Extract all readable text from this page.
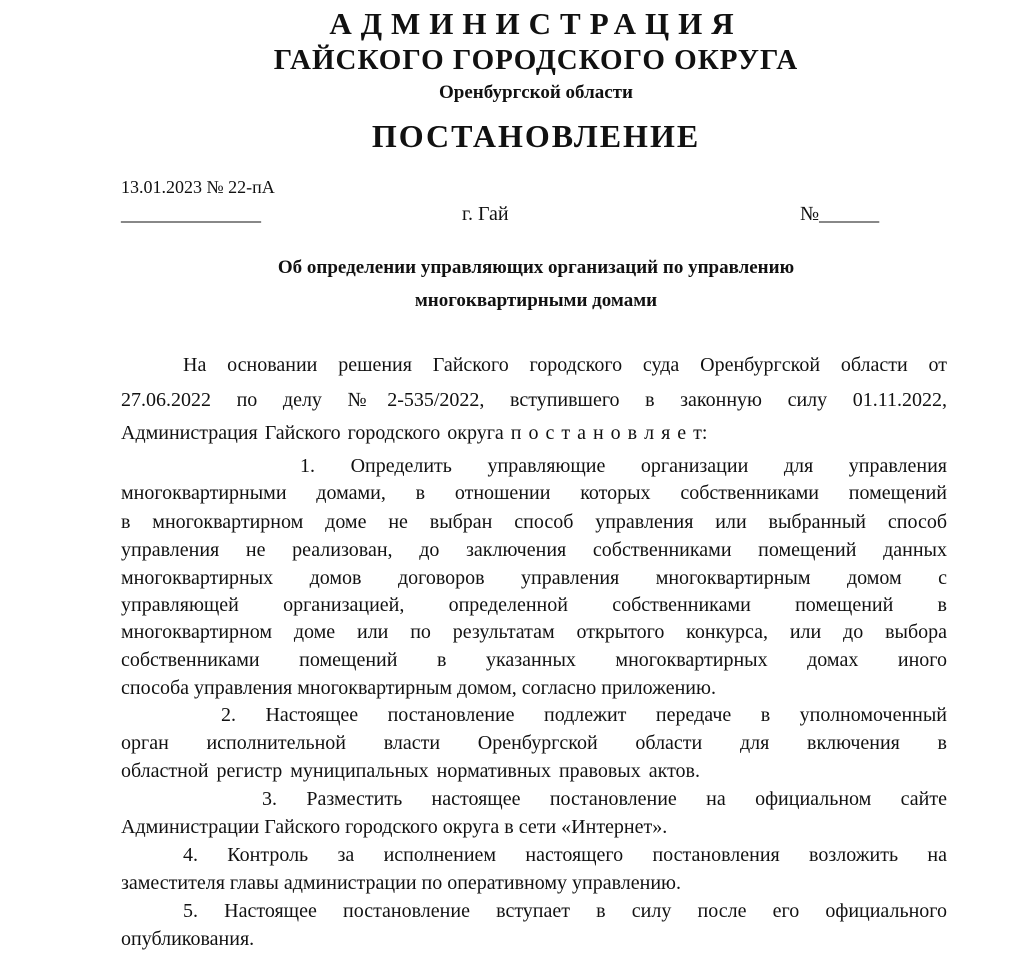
АДМИНИСТРАЦИЯ
ГАЙСКОГО ГОРОДСКОГО ОКРУГА
Оренбургской области
ПОСТАНОВЛЕНИЕ
13.01.2023 № 22-пА
______________	г. Гай	№______
Об определении управляющих организаций по управлению
многоквартирными домами
На основании решения Гайского городского суда Оренбургской области от
27.06.2022 по делу №2-535/2022, вступившего в законную силу 01.11.2022,
Администрация Гайского городского округа п о с т а н о в л я е т:
1. Определить управляющие организации для управления
многоквартирными домами, в отношении которых собственниками помещений
в многоквартирном доме не выбран способ управления или выбранный способ
управления не реализован, до заключения собственниками помещений данных
многоквартирных домов договоров управления многоквартирным домом с
управляющей организацией, определенной собственниками помещений в
многоквартирном доме или по результатам открытого конкурса, или до выбора
собственниками помещений в указанных многоквартирных домах иного
способа управления многоквартирным домом, согласно приложению.
2. Настоящее постановление подлежит передаче в уполномоченный
орган исполнительной власти Оренбургской области для включения в
областной регистр муниципальных нормативных правовых актов.
3. Разместить настоящее постановление на официальном сайте
Администрации Гайского городского округа в сети «Интернет».
4. Контроль за исполнением настоящего постановления возложить на
заместителя главы администрации по оперативному управлению.
5. Настоящее постановление вступает в силу после его официального
опубликования.
